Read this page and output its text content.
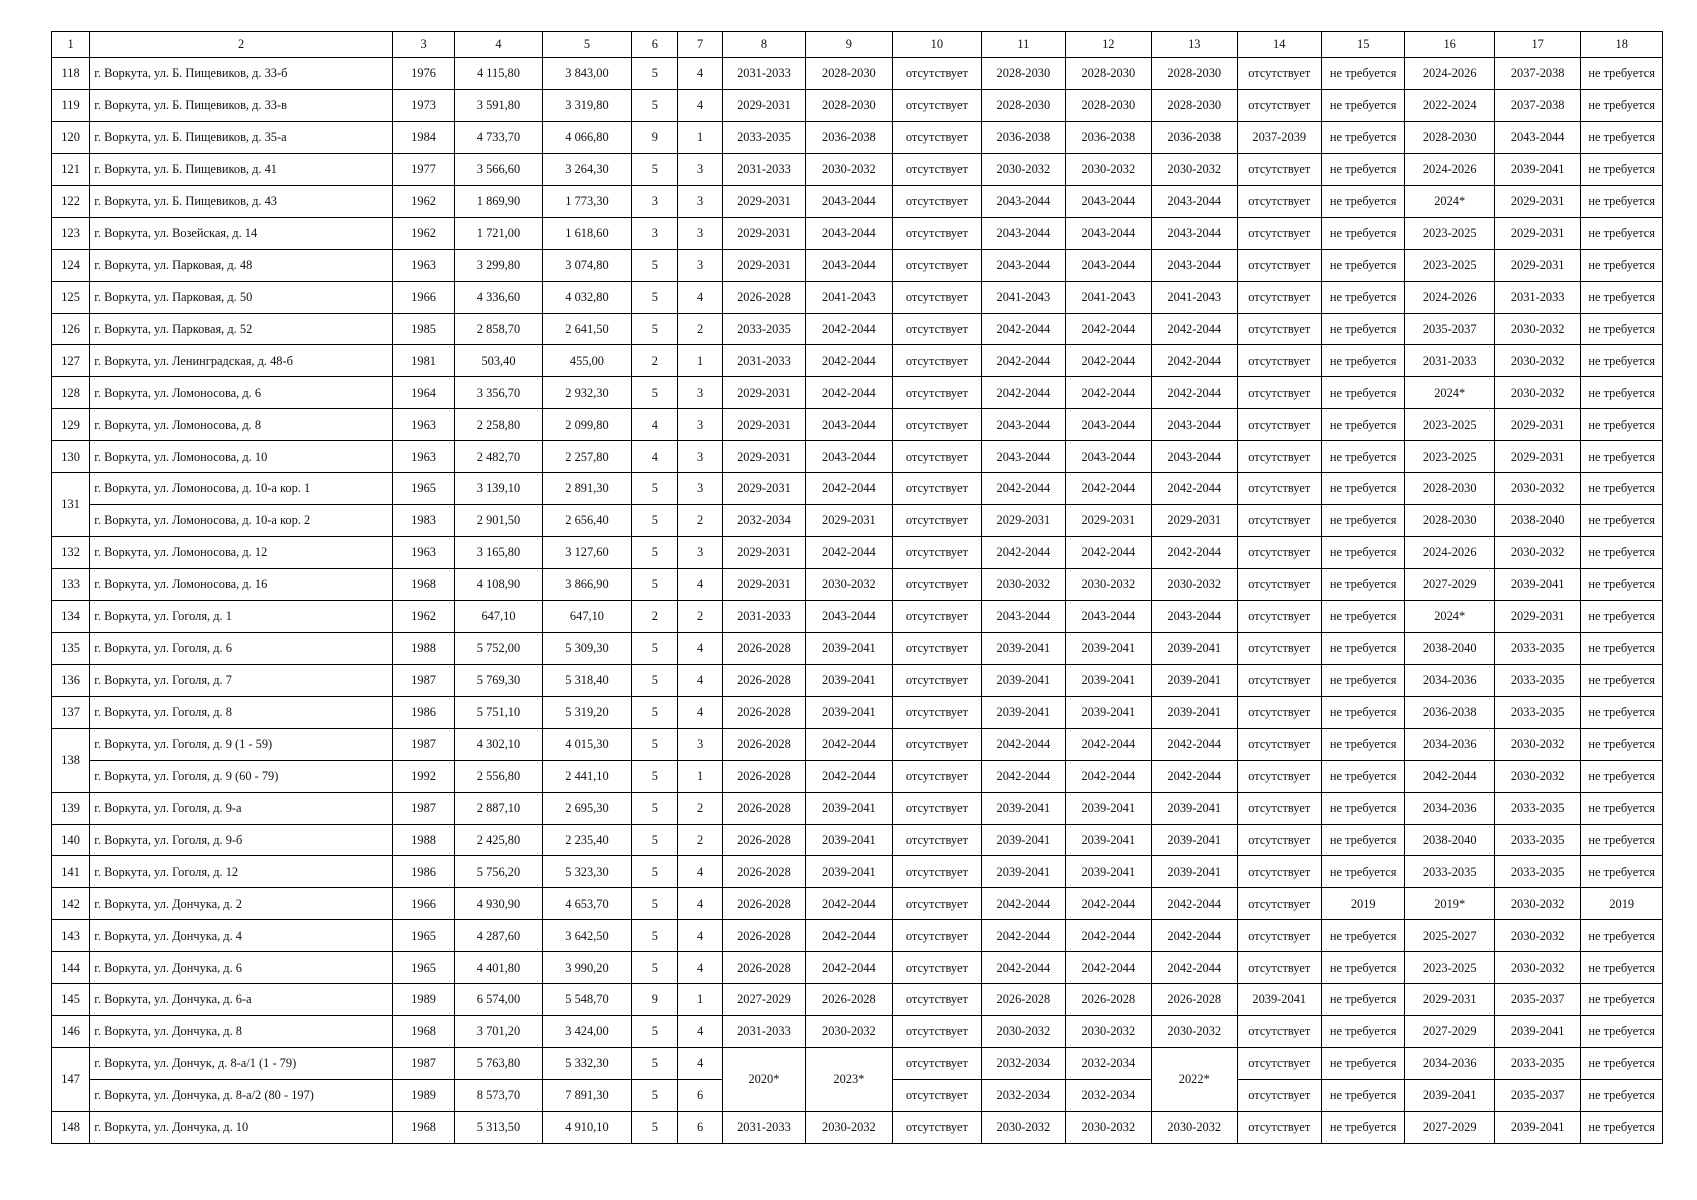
1	2	3	4	5	6	7	8	9	10	11	12	13	14	15	16	17	18
118	г. Воркута, ул. Б. Пищевиков, д. 33-б	1976	4 115,80	3 843,00	5	4	2031-2033	2028-2030	отсутствует	2028-2030	2028-2030	2028-2030	отсутствует	не требуется	2024-2026	2037-2038	не требуется
119	г. Воркута, ул. Б. Пищевиков, д. 33-в	1973	3 591,80	3 319,80	5	4	2029-2031	2028-2030	отсутствует	2028-2030	2028-2030	2028-2030	отсутствует	не требуется	2022-2024	2037-2038	не требуется
120	г. Воркута, ул. Б. Пищевиков, д. 35-а	1984	4 733,70	4 066,80	9	1	2033-2035	2036-2038	отсутствует	2036-2038	2036-2038	2036-2038	2037-2039	не требуется	2028-2030	2043-2044	не требуется
121	г. Воркута, ул. Б. Пищевиков, д. 41	1977	3 566,60	3 264,30	5	3	2031-2033	2030-2032	отсутствует	2030-2032	2030-2032	2030-2032	отсутствует	не требуется	2024-2026	2039-2041	не требуется
122	г. Воркута, ул. Б. Пищевиков, д. 43	1962	1 869,90	1 773,30	3	3	2029-2031	2043-2044	отсутствует	2043-2044	2043-2044	2043-2044	отсутствует	не требуется	2024*	2029-2031	не требуется
123	г. Воркута, ул. Возейская, д. 14	1962	1 721,00	1 618,60	3	3	2029-2031	2043-2044	отсутствует	2043-2044	2043-2044	2043-2044	отсутствует	не требуется	2023-2025	2029-2031	не требуется
124	г. Воркута, ул. Парковая, д. 48	1963	3 299,80	3 074,80	5	3	2029-2031	2043-2044	отсутствует	2043-2044	2043-2044	2043-2044	отсутствует	не требуется	2023-2025	2029-2031	не требуется
125	г. Воркута, ул. Парковая, д. 50	1966	4 336,60	4 032,80	5	4	2026-2028	2041-2043	отсутствует	2041-2043	2041-2043	2041-2043	отсутствует	не требуется	2024-2026	2031-2033	не требуется
126	г. Воркута, ул. Парковая, д. 52	1985	2 858,70	2 641,50	5	2	2033-2035	2042-2044	отсутствует	2042-2044	2042-2044	2042-2044	отсутствует	не требуется	2035-2037	2030-2032	не требуется
127	г. Воркута, ул. Ленинградская, д. 48-б	1981	503,40	455,00	2	1	2031-2033	2042-2044	отсутствует	2042-2044	2042-2044	2042-2044	отсутствует	не требуется	2031-2033	2030-2032	не требуется
128	г. Воркута, ул. Ломоносова, д. 6	1964	3 356,70	2 932,30	5	3	2029-2031	2042-2044	отсутствует	2042-2044	2042-2044	2042-2044	отсутствует	не требуется	2024*	2030-2032	не требуется
129	г. Воркута, ул. Ломоносова, д. 8	1963	2 258,80	2 099,80	4	3	2029-2031	2043-2044	отсутствует	2043-2044	2043-2044	2043-2044	отсутствует	не требуется	2023-2025	2029-2031	не требуется
130	г. Воркута, ул. Ломоносова, д. 10	1963	2 482,70	2 257,80	4	3	2029-2031	2043-2044	отсутствует	2043-2044	2043-2044	2043-2044	отсутствует	не требуется	2023-2025	2029-2031	не требуется
131	г. Воркута, ул. Ломоносова, д. 10-а кор. 1	1965	3 139,10	2 891,30	5	3	2029-2031	2042-2044	отсутствует	2042-2044	2042-2044	2042-2044	отсутствует	не требуется	2028-2030	2030-2032	не требуется
	г. Воркута, ул. Ломоносова, д. 10-а кор. 2	1983	2 901,50	2 656,40	5	2	2032-2034	2029-2031	отсутствует	2029-2031	2029-2031	2029-2031	отсутствует	не требуется	2028-2030	2038-2040	не требуется
132	г. Воркута, ул. Ломоносова, д. 12	1963	3 165,80	3 127,60	5	3	2029-2031	2042-2044	отсутствует	2042-2044	2042-2044	2042-2044	отсутствует	не требуется	2024-2026	2030-2032	не требуется
133	г. Воркута, ул. Ломоносова, д. 16	1968	4 108,90	3 866,90	5	4	2029-2031	2030-2032	отсутствует	2030-2032	2030-2032	2030-2032	отсутствует	не требуется	2027-2029	2039-2041	не требуется
134	г. Воркута, ул. Гоголя, д. 1	1962	647,10	647,10	2	2	2031-2033	2043-2044	отсутствует	2043-2044	2043-2044	2043-2044	отсутствует	не требуется	2024*	2029-2031	не требуется
135	г. Воркута, ул. Гоголя, д. 6	1988	5 752,00	5 309,30	5	4	2026-2028	2039-2041	отсутствует	2039-2041	2039-2041	2039-2041	отсутствует	не требуется	2038-2040	2033-2035	не требуется
136	г. Воркута, ул. Гоголя, д. 7	1987	5 769,30	5 318,40	5	4	2026-2028	2039-2041	отсутствует	2039-2041	2039-2041	2039-2041	отсутствует	не требуется	2034-2036	2033-2035	не требуется
137	г. Воркута, ул. Гоголя, д. 8	1986	5 751,10	5 319,20	5	4	2026-2028	2039-2041	отсутствует	2039-2041	2039-2041	2039-2041	отсутствует	не требуется	2036-2038	2033-2035	не требуется
138	г. Воркута, ул. Гоголя, д. 9 (1 - 59)	1987	4 302,10	4 015,30	5	3	2026-2028	2042-2044	отсутствует	2042-2044	2042-2044	2042-2044	отсутствует	не требуется	2034-2036	2030-2032	не требуется
	г. Воркута, ул. Гоголя, д. 9 (60 - 79)	1992	2 556,80	2 441,10	5	1	2026-2028	2042-2044	отсутствует	2042-2044	2042-2044	2042-2044	отсутствует	не требуется	2042-2044	2030-2032	не требуется
139	г. Воркута, ул. Гоголя, д. 9-а	1987	2 887,10	2 695,30	5	2	2026-2028	2039-2041	отсутствует	2039-2041	2039-2041	2039-2041	отсутствует	не требуется	2034-2036	2033-2035	не требуется
140	г. Воркута, ул. Гоголя, д. 9-б	1988	2 425,80	2 235,40	5	2	2026-2028	2039-2041	отсутствует	2039-2041	2039-2041	2039-2041	отсутствует	не требуется	2038-2040	2033-2035	не требуется
141	г. Воркута, ул. Гоголя, д. 12	1986	5 756,20	5 323,30	5	4	2026-2028	2039-2041	отсутствует	2039-2041	2039-2041	2039-2041	отсутствует	не требуется	2033-2035	2033-2035	не требуется
142	г. Воркута, ул. Дончука, д. 2	1966	4 930,90	4 653,70	5	4	2026-2028	2042-2044	отсутствует	2042-2044	2042-2044	2042-2044	отсутствует	2019	2019*	2030-2032	2019
143	г. Воркута, ул. Дончука, д. 4	1965	4 287,60	3 642,50	5	4	2026-2028	2042-2044	отсутствует	2042-2044	2042-2044	2042-2044	отсутствует	не требуется	2025-2027	2030-2032	не требуется
144	г. Воркута, ул. Дончука, д. 6	1965	4 401,80	3 990,20	5	4	2026-2028	2042-2044	отсутствует	2042-2044	2042-2044	2042-2044	отсутствует	не требуется	2023-2025	2030-2032	не требуется
145	г. Воркута, ул. Дончука, д. 6-а	1989	6 574,00	5 548,70	9	1	2027-2029	2026-2028	отсутствует	2026-2028	2026-2028	2026-2028	2039-2041	не требуется	2029-2031	2035-2037	не требуется
146	г. Воркута, ул. Дончука, д. 8	1968	3 701,20	3 424,00	5	4	2031-2033	2030-2032	отсутствует	2030-2032	2030-2032	2030-2032	отсутствует	не требуется	2027-2029	2039-2041	не требуется
147	г. Воркута, ул. Дончук, д. 8-а/1 (1 - 79)	1987	5 763,80	5 332,30	5	4	2020*	2023*	отсутствует	2032-2034	2032-2034	2022*	отсутствует	не требуется	2034-2036	2033-2035	не требуется
	г. Воркута, ул. Дончука, д. 8-а/2 (80 - 197)	1989	8 573,70	7 891,30	5	6			отсутствует	2032-2034	2032-2034		отсутствует	не требуется	2039-2041	2035-2037	не требуется
148	г. Воркута, ул. Дончука, д. 10	1968	5 313,50	4 910,10	5	6	2031-2033	2030-2032	отсутствует	2030-2032	2030-2032	2030-2032	отсутствует	не требуется	2027-2029	2039-2041	не требуется
